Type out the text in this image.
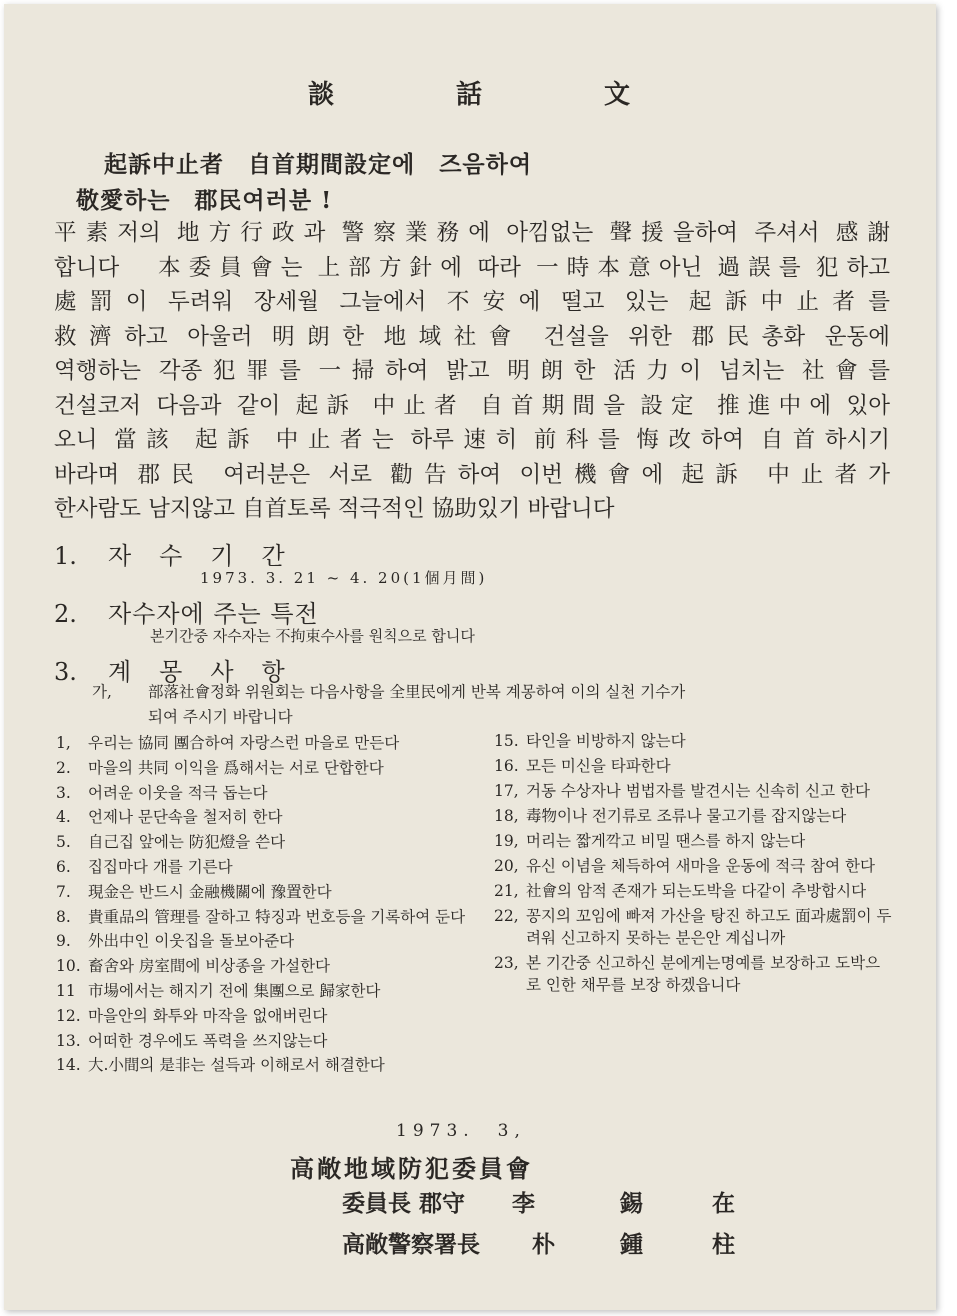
談	話	文
起訴中止者　自首期間設定에　즈음하여
敬愛하는　郡民여러분 !
平素저의 地方行政과 警察業務에 아낌없는 聲援을하여 주셔서 感謝
합니다　本委員會는 上部方針에 따라 一時本意아닌 過誤를 犯하고
處罰이 두려워 장세월 그늘에서 不安에 떨고 있는 起訴中止者를
救濟하고 아울러 明朗한 地域社會 건설을 위한 郡民총화 운동에
역행하는 각종犯罪를 一掃하여 밝고 明朗한 活力이 넘치는 社會를
건설코저 다음과 같이 起訴 中止者 自首期間을 設定 推進中에 있아
오니 當該 起訴 中止者는 하루速히 前科를 悔改하여 自首하시기
바라며 郡民 여러분은 서로 勸告하여 이번機會에 起訴 中止者가
한사람도 남지않고 自首토록 적극적인 協助있기 바랍니다
1. 자　수　기　간
1973. 3. 21 ~ 4. 20(1個月間)
2. 자수자에 주는 특전
본기간중 자수자는 不拘束수사를 원칙으로 합니다
3. 계　몽　사　항
가, 部落社會정화 위원회는 다음사항을 全里民에게 반복 계몽하여 이의 실천 기수가
되여 주시기 바랍니다
1,	우리는 協同 團合하여 자랑스런 마을로 만든다
2.	마을의 共同 이익을 爲해서는 서로 단합한다
3.	어려운 이웃을 적극 돕는다
4.	언제나 문단속을 철저히 한다
5.	自己집 앞에는 防犯燈을 쓴다
6.	집집마다 개를 기른다
7.	現金은 반드시 金融機關에 豫置한다
8.	貴重品의 管理를 잘하고 特징과 번호등을 기록하여 둔다
9.	外出中인 이웃집을 돌보아준다
10. 畜舍와 房室間에 비상종을 가설한다
11 市場에서는 해지기 전에 集團으로 歸家한다
12. 마을안의 화투와 마작을 없애버린다
13. 어떠한 경우에도 폭력을 쓰지않는다
14. 大.小間의 是非는 설득과 이해로서 해결한다
15. 타인을 비방하지 않는다
16. 모든 미신을 타파한다
17, 거동 수상자나 범법자를 발견시는 신속히 신고 한다
18, 毒物이나 전기류로 조류나 물고기를 잡지않는다
19, 머리는 짧게깍고 비밀 땐스를 하지 않는다
20, 유신 이념을 체득하여 새마을 운동에 적극 참여 한다
21, 社會의 암적 존재가 되는도박을 다같이 추방합시다
22, 꽁지의 꼬임에 빠져 가산을 탕진 하고도 面과處罰이 두려워 신고하지 못하는 분은안 계십니까
23, 본 기간중 신고하신 분에게는명예를 보장하고 도박으로 인한 채무를 보장 하겠읍니다
1973.　3,
高敞地域防犯委員會
委員長 郡守 李	錫	在
高敞警察署長 朴	鍾	柱
